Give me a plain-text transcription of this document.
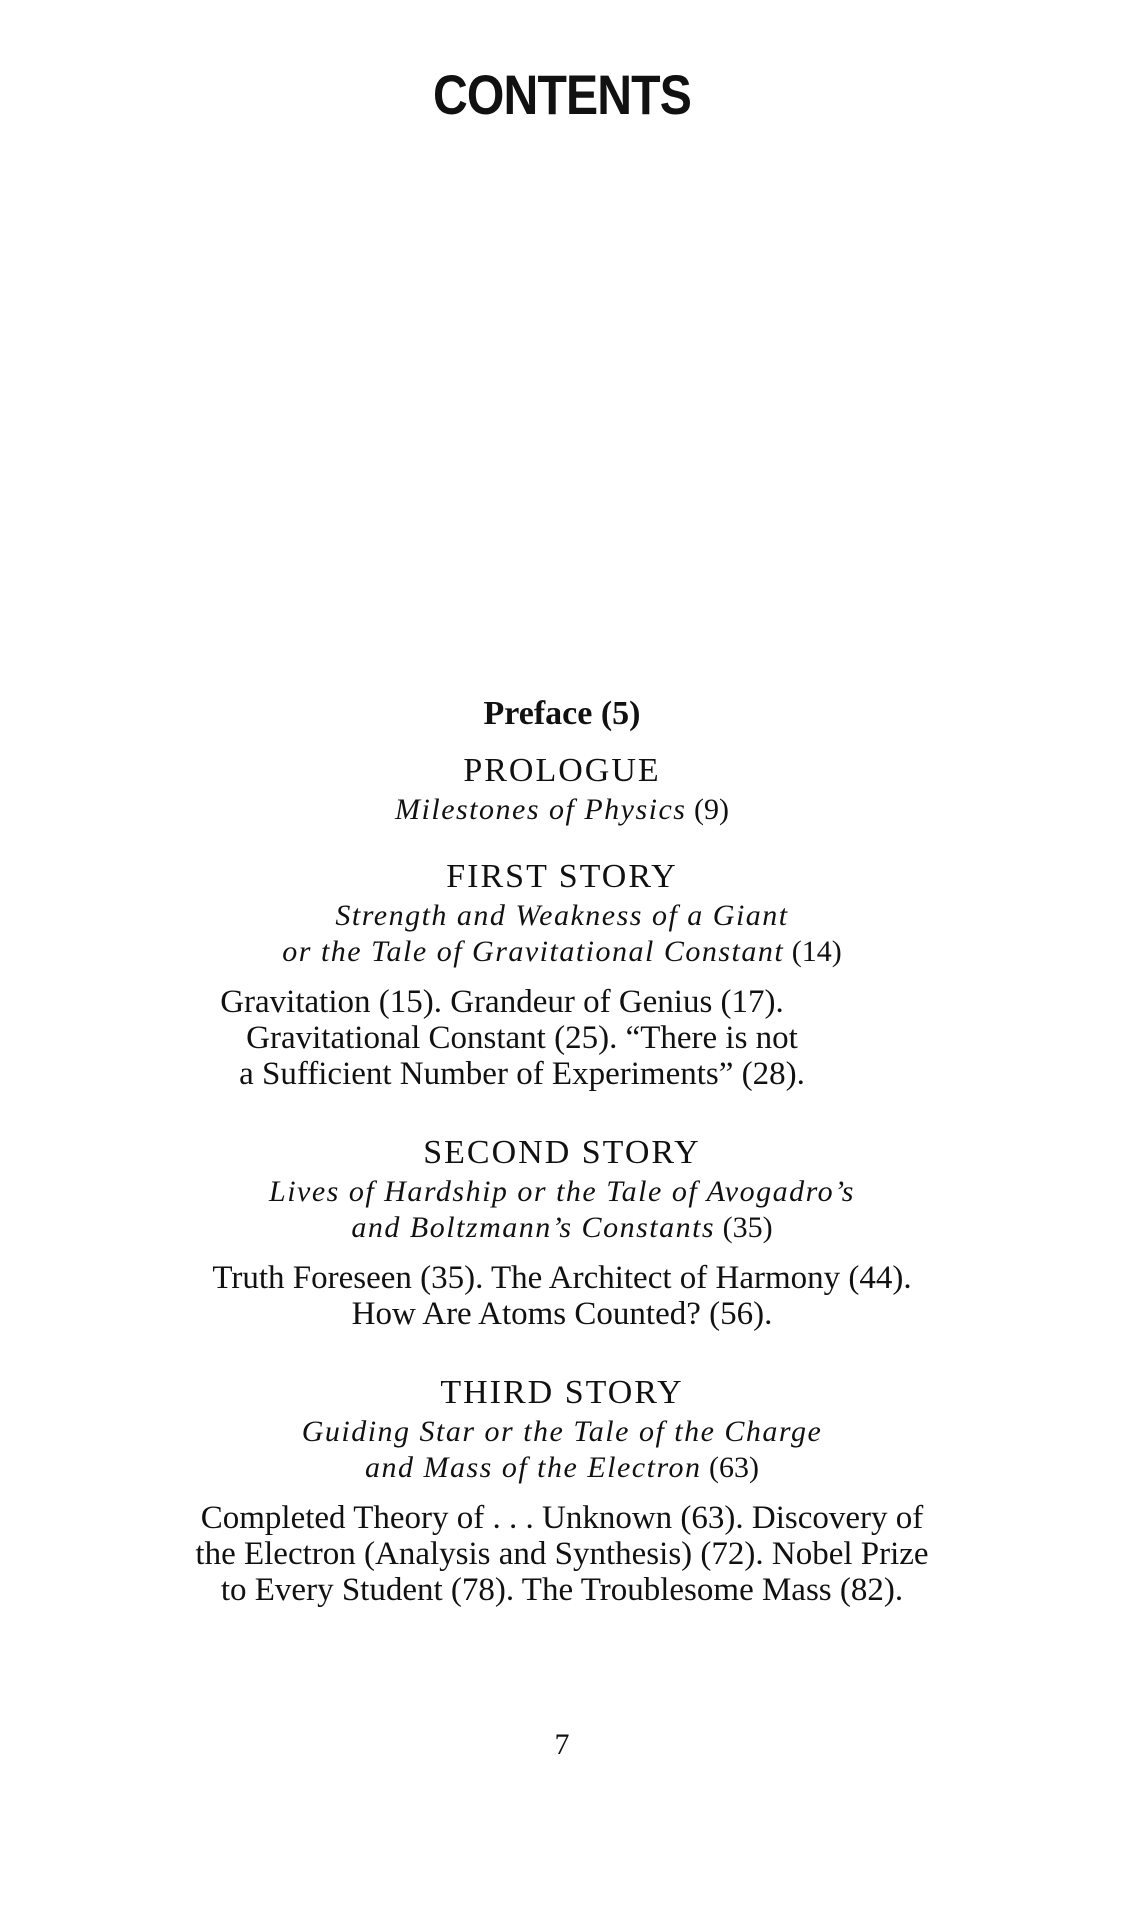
CONTENTS
Preface (5)
PROLOGUE
Milestones of Physics (9)
FIRST STORY
Strength and Weakness of a Giant
or the Tale of Gravitational Constant (14)
Gravitation (15). Grandeur of Genius (17).
Gravitational Constant (25). “There is not
a Sufficient Number of Experiments” (28).
SECOND STORY
Lives of Hardship or the Tale of Avogadro’s
and Boltzmann’s Constants (35)
Truth Foreseen (35). The Architect of Harmony (44).
How Are Atoms Counted? (56).
THIRD STORY
Guiding Star or the Tale of the Charge
and Mass of the Electron (63)
Completed Theory of . . . Unknown (63). Discovery of
the Electron (Analysis and Synthesis) (72). Nobel Prize
to Every Student (78). The Troublesome Mass (82).
7
